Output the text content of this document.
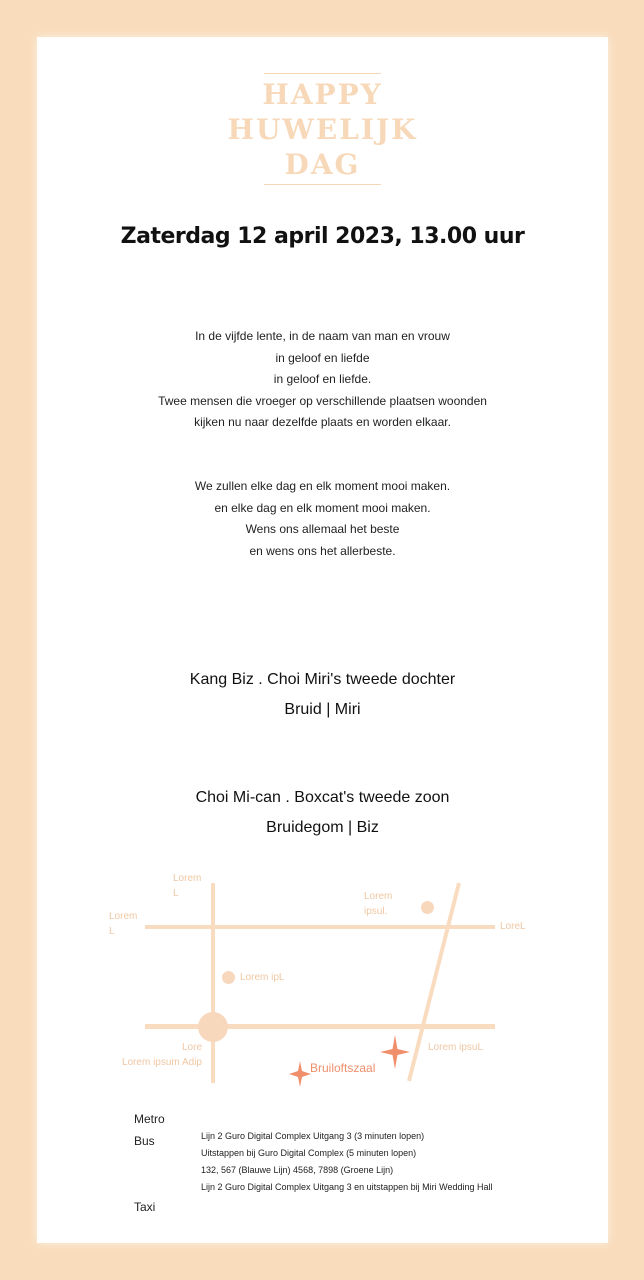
HAPPY
HUWELIJK
DAG
Zaterdag 12 april 2023, 13.00 uur
In de vijfde lente, in de naam van man en vrouw
in geloof en liefde
in geloof en liefde.
Twee mensen die vroeger op verschillende plaatsen woonden
kijken nu naar dezelfde plaats en worden elkaar.
We zullen elke dag en elk moment mooi maken.
en elke dag en elk moment mooi maken.
Wens ons allemaal het beste
en wens ons het allerbeste.
Kang Biz . Choi Miri's tweede dochter
Bruid | Miri
Choi Mi-can . Boxcat's tweede zoon
Bruidegom | Biz
Lorem
L
Lorem
L
Lorem
ipsul.
LoreL
Lorem ipL
Lore
Lorem ipsum Adip
Lorem ipsuL
Bruiloftszaal
Metro
Bus
Taxi
Lijn 2 Guro Digital Complex Uitgang 3 (3 minuten lopen)
Uitstappen bij Guro Digital Complex (5 minuten lopen)
132, 567 (Blauwe Lijn) 4568, 7898 (Groene Lijn)
Lijn 2 Guro Digital Complex Uitgang 3 en uitstappen bij Miri Wedding Hall
